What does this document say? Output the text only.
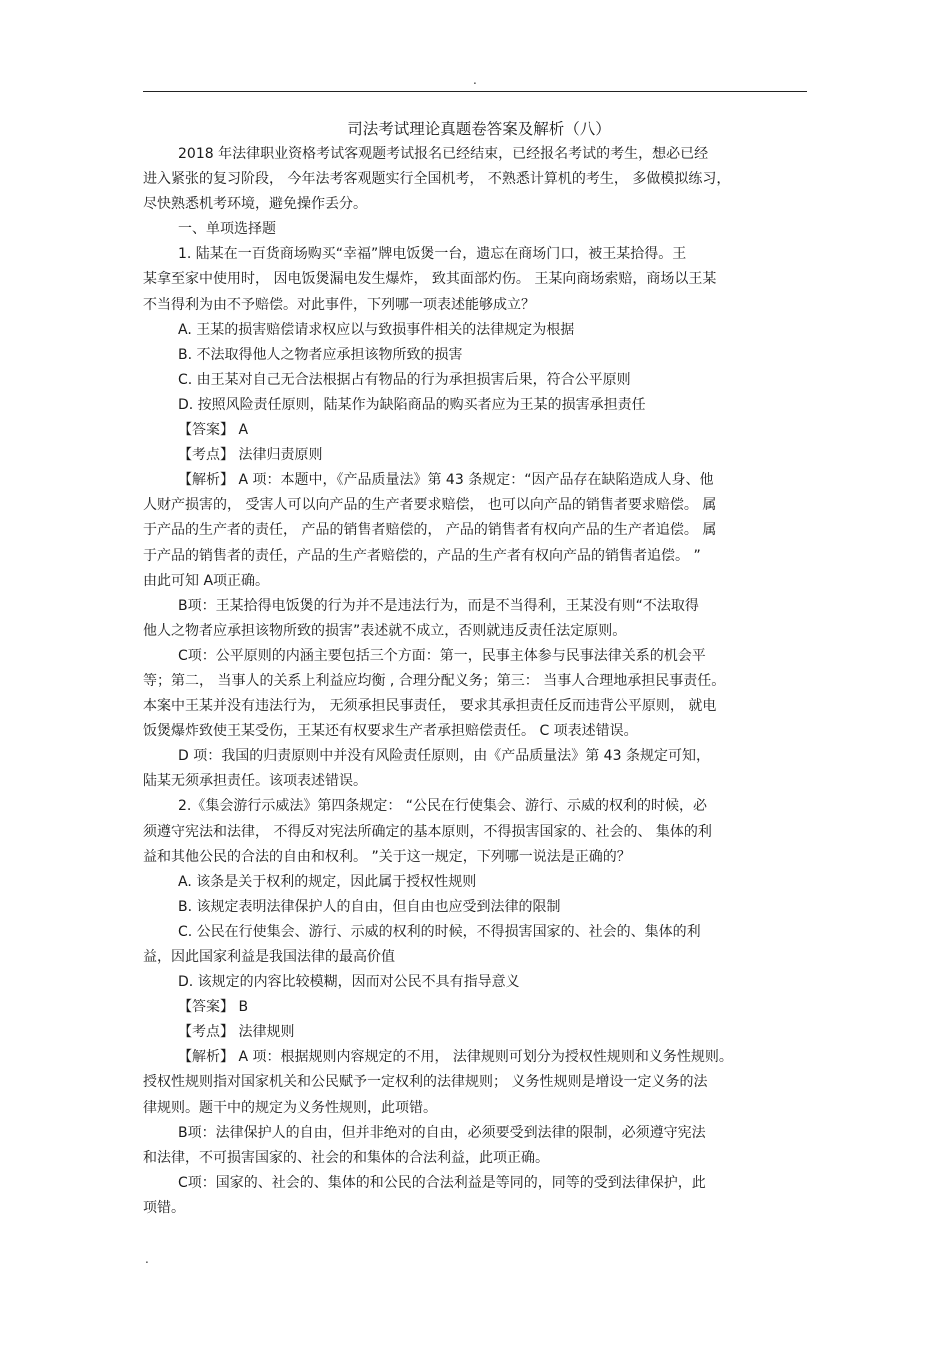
.

司法考试理论真题卷答案及解析（八）

2018 年法律职业资格考试客观题考试报名已经结束，已经报名考试的考生，想必已经

进入紧张的复习阶段， 今年法考客观题实行全国机考， 不熟悉计算机的考生， 多做模拟练习，

尽快熟悉机考环境，避免操作丢分。

一、单项选择题

1. 陆某在一百货商场购买“幸福”牌电饭煲一台，遗忘在商场门口，被王某拾得。王

某拿至家中使用时， 因电饭煲漏电发生爆炸， 致其面部灼伤。 王某向商场索赔，商场以王某

不当得利为由不予赔偿。对此事件，下列哪一项表述能够成立？

A. 王某的损害赔偿请求权应以与致损事件相关的法律规定为根据

B. 不法取得他人之物者应承担该物所致的损害

C. 由王某对自己无合法根据占有物品的行为承担损害后果，符合公平原则

D. 按照风险责任原则，陆某作为缺陷商品的购买者应为王某的损害承担责任

【答案】 A

【考点】 法律归责原则

【解析】 A 项：本题中，《产品质量法》第 43 条规定：“因产品存在缺陷造成人身、他

人财产损害的， 受害人可以向产品的生产者要求赔偿， 也可以向产品的销售者要求赔偿。 属

于产品的生产者的责任， 产品的销售者赔偿的， 产品的销售者有权向产品的生产者追偿。 属

于产品的销售者的责任，产品的生产者赔偿的，产品的生产者有权向产品的销售者追偿。 ”

由此可知 A项正确。

B项：王某拾得电饭煲的行为并不是违法行为，而是不当得利，王某没有则“不法取得

他人之物者应承担该物所致的损害”表述就不成立，否则就违反责任法定原则。

C项：公平原则的内涵主要包括三个方面：第一，民事主体参与民事法律关系的机会平

等；第二， 当事人的关系上利益应均衡 , 合理分配义务；第三： 当事人合理地承担民事责任。

本案中王某并没有违法行为， 无须承担民事责任， 要求其承担责任反而违背公平原则， 就电

饭煲爆炸致使王某受伤，王某还有权要求生产者承担赔偿责任。 C 项表述错误。

D 项：我国的归责原则中并没有风险责任原则，由《产品质量法》第 43 条规定可知，

陆某无须承担责任。该项表述错误。

2.《集会游行示威法》第四条规定： “公民在行使集会、游行、示威的权利的时候，必

须遵守宪法和法律， 不得反对宪法所确定的基本原则，不得损害国家的、社会的、 集体的利

益和其他公民的合法的自由和权利。 ”关于这一规定，下列哪一说法是正确的？

A. 该条是关于权利的规定，因此属于授权性规则

B. 该规定表明法律保护人的自由，但自由也应受到法律的限制

C. 公民在行使集会、游行、示威的权利的时候，不得损害国家的、社会的、集体的利

益，因此国家利益是我国法律的最高价值

D. 该规定的内容比较模糊，因而对公民不具有指导意义

【答案】 B

【考点】 法律规则

【解析】 A 项：根据规则内容规定的不用， 法律规则可划分为授权性规则和义务性规则。

授权性规则指对国家机关和公民赋予一定权利的法律规则； 义务性规则是增设一定义务的法

律规则。题干中的规定为义务性规则，此项错。

B项：法律保护人的自由，但并非绝对的自由，必须要受到法律的限制，必须遵守宪法

和法律，不可损害国家的、社会的和集体的合法利益，此项正确。

C项：国家的、社会的、集体的和公民的合法利益是等同的，同等的受到法律保护，此

项错。

.
